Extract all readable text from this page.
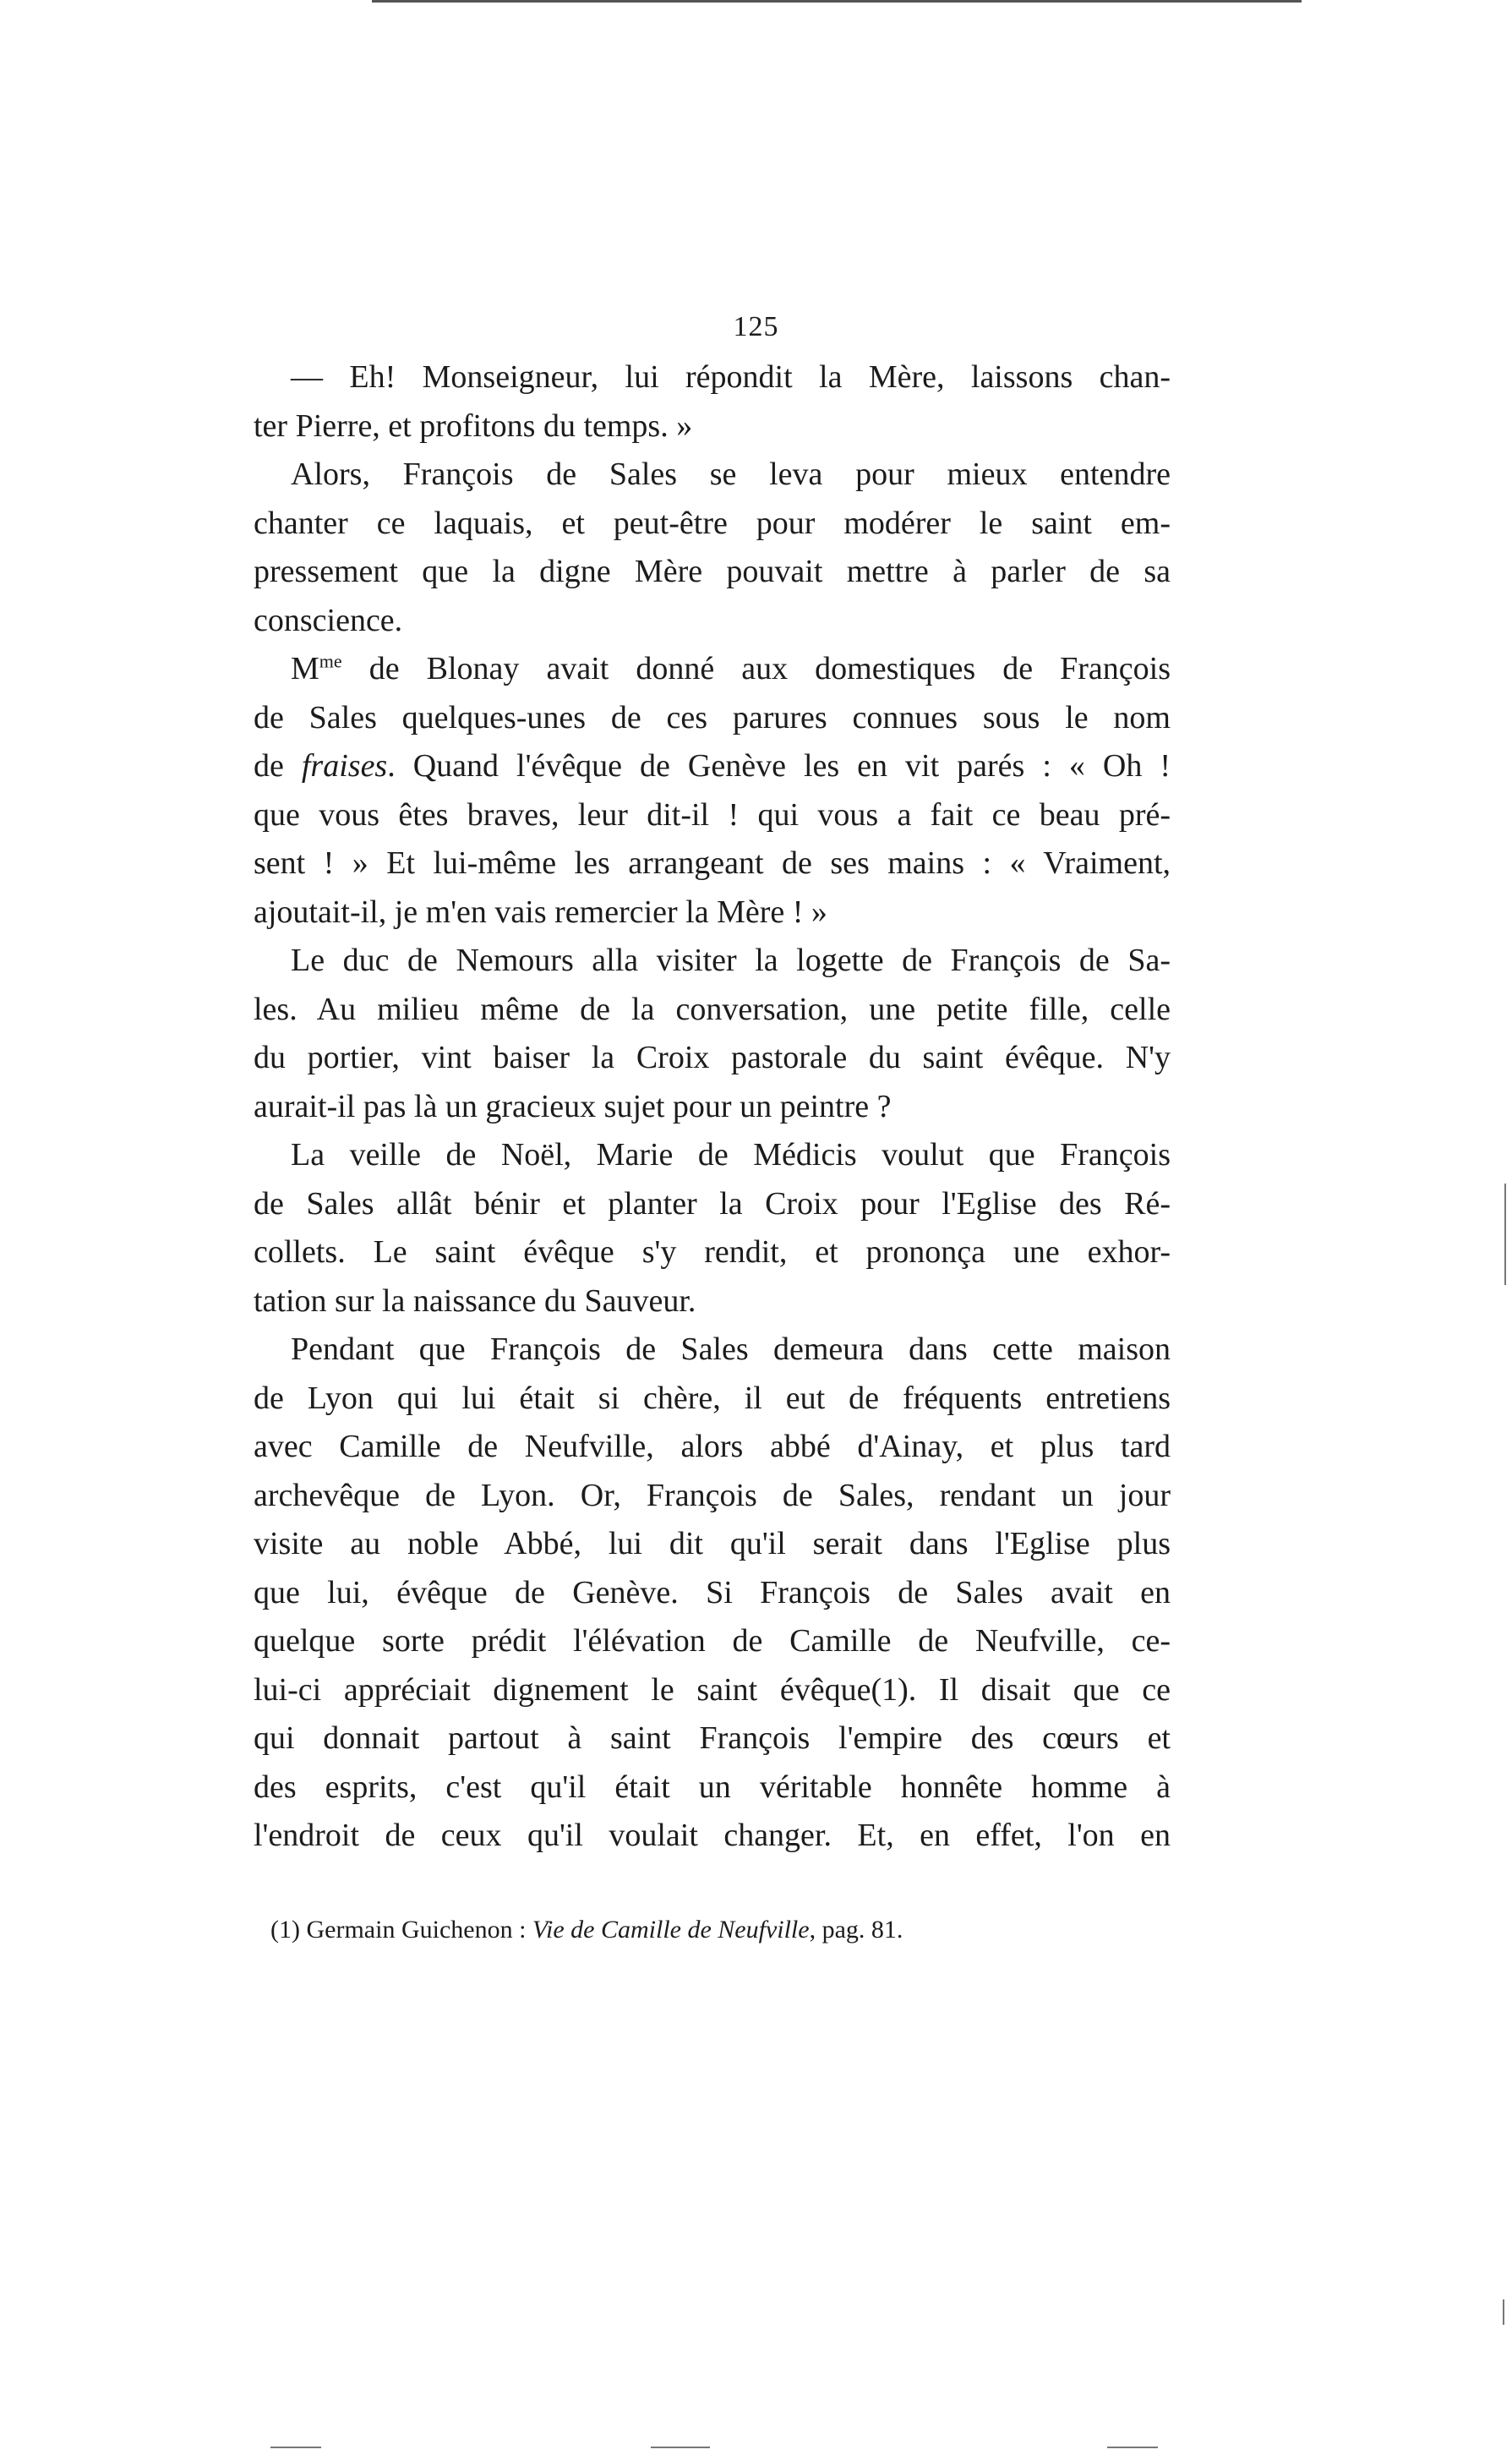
125
— Eh! Monseigneur, lui répondit la Mère, laissons chan-
ter Pierre, et profitons du temps. »
Alors, François de Sales se leva pour mieux entendre
chanter ce laquais, et peut-être pour modérer le saint em-
pressement que la digne Mère pouvait mettre à parler de sa
conscience.
$M^{me}$ de Blonay avait donné aux domestiques de François
de Sales quelques-unes de ces parures connues sous le nom
de fraises. Quand l'évêque de Genève les en vit parés : « Oh !
que vous êtes braves, leur dit-il ! qui vous a fait ce beau pré-
sent ! » Et lui-même les arrangeant de ses mains : « Vraiment,
ajoutait-il, je m'en vais remercier la Mère ! »
Le duc de Nemours alla visiter la logette de François de Sa-
les. Au milieu même de la conversation, une petite fille, celle
du portier, vint baiser la Croix pastorale du saint évêque. N'y
aurait-il pas là un gracieux sujet pour un peintre ?
La veille de Noël, Marie de Médicis voulut que François
de Sales allât bénir et planter la Croix pour l'Eglise des Ré-
collets. Le saint évêque s'y rendit, et prononça une exhor-
tation sur la naissance du Sauveur.
Pendant que François de Sales demeura dans cette maison
de Lyon qui lui était si chère, il eut de fréquents entretiens
avec Camille de Neufville, alors abbé d'Ainay, et plus tard
archevêque de Lyon. Or, François de Sales, rendant un jour
visite au noble Abbé, lui dit qu'il serait dans l'Eglise plus
que lui, évêque de Genève. Si François de Sales avait en
quelque sorte prédit l'élévation de Camille de Neufville, ce-
lui-ci appréciait dignement le saint évêque(1). Il disait que ce
qui donnait partout à saint François l'empire des cœurs et
des esprits, c'est qu'il était un véritable honnête homme à
l'endroit de ceux qu'il voulait changer. Et, en effet, l'on en
(1) Germain Guichenon : Vie de Camille de Neufville, pag. 81.
